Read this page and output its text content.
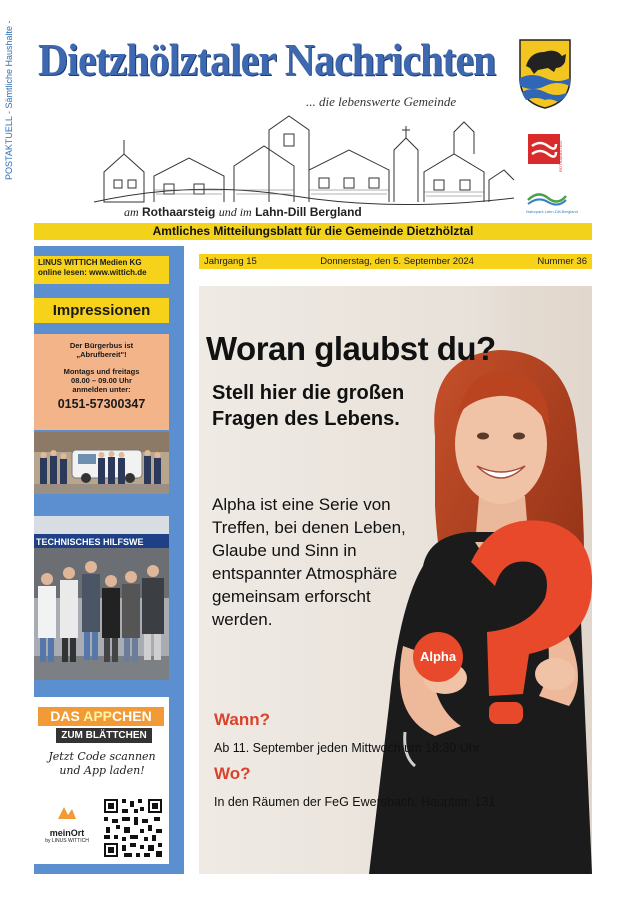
POSTAKTUELL - Sämtliche Haushalte - Dietzhölztaler Nachrichten
... die lebenswerte Gemeinde
am Rothaarsteig und im Lahn-Dill Bergland
ROTHAARSTEIG
Naturpark Lahn-Dill-Bergland
Amtliches Mitteilungsblatt für die Gemeinde Dietzhölztal
LINUS WITTICH Medien KG
online lesen: www.wittich.de
Impressionen
Der Bürgerbus ist
„Abrufbereit"!
Montags und freitags
08.00 – 09.00 Uhr
anmelden unter:
0151-57300347
TECHNISCHES HILFSWE
DAS APPCHEN
ZUM BLÄTTCHEN
Jetzt Code scannen
und App laden!
meinOrt
by LINUS WITTICH
Jahrgang 15	Donnerstag, den 5. September 2024	Nummer 36
Woran glaubst du?
Stell hier die großen Fragen des Lebens.
Alpha ist eine Serie von Treffen, bei denen Leben, Glaube und Sinn in entspannter Atmosphäre gemeinsam erforscht werden.
Alpha
Wann?
Ab 11. September jeden Mittwoch um 18:30 Uhr
Wo?
In den Räumen der FeG Ewersbach, Hauptstr. 131
